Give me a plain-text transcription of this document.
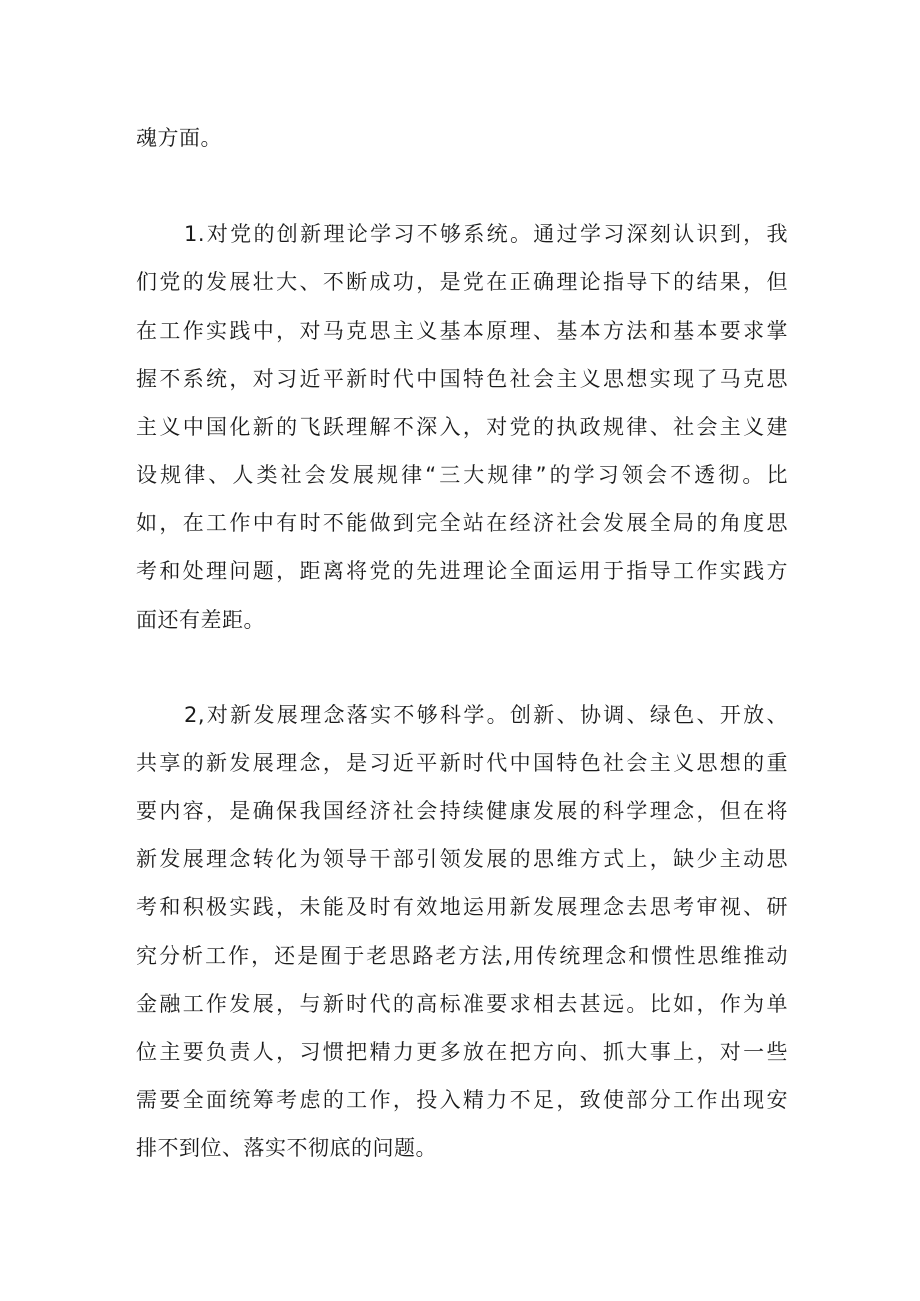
魂方面。
1.对党的创新理论学习不够系统。通过学习深刻认识到，我
们党的发展壮大、不断成功，是党在正确理论指导下的结果，但
在工作实践中，对马克思主义基本原理、基本方法和基本要求掌
握不系统，对习近平新时代中国特色社会主义思想实现了马克思
主义中国化新的飞跃理解不深入，对党的执政规律、社会主义建
设规律、人类社会发展规律“三大规律”的学习领会不透彻。比
如，在工作中有时不能做到完全站在经济社会发展全局的角度思
考和处理问题，距离将党的先进理论全面运用于指导工作实践方
面还有差距。
2,对新发展理念落实不够科学。创新、协调、绿色、开放、
共享的新发展理念，是习近平新时代中国特色社会主义思想的重
要内容，是确保我国经济社会持续健康发展的科学理念，但在将
新发展理念转化为领导干部引领发展的思维方式上，缺少主动思
考和积极实践，未能及时有效地运用新发展理念去思考审视、研
究分析工作，还是囿于老思路老方法,用传统理念和惯性思维推动
金融工作发展，与新时代的高标准要求相去甚远。比如，作为单
位主要负责人，习惯把精力更多放在把方向、抓大事上，对一些
需要全面统筹考虑的工作，投入精力不足，致使部分工作出现安
排不到位、落实不彻底的问题。
